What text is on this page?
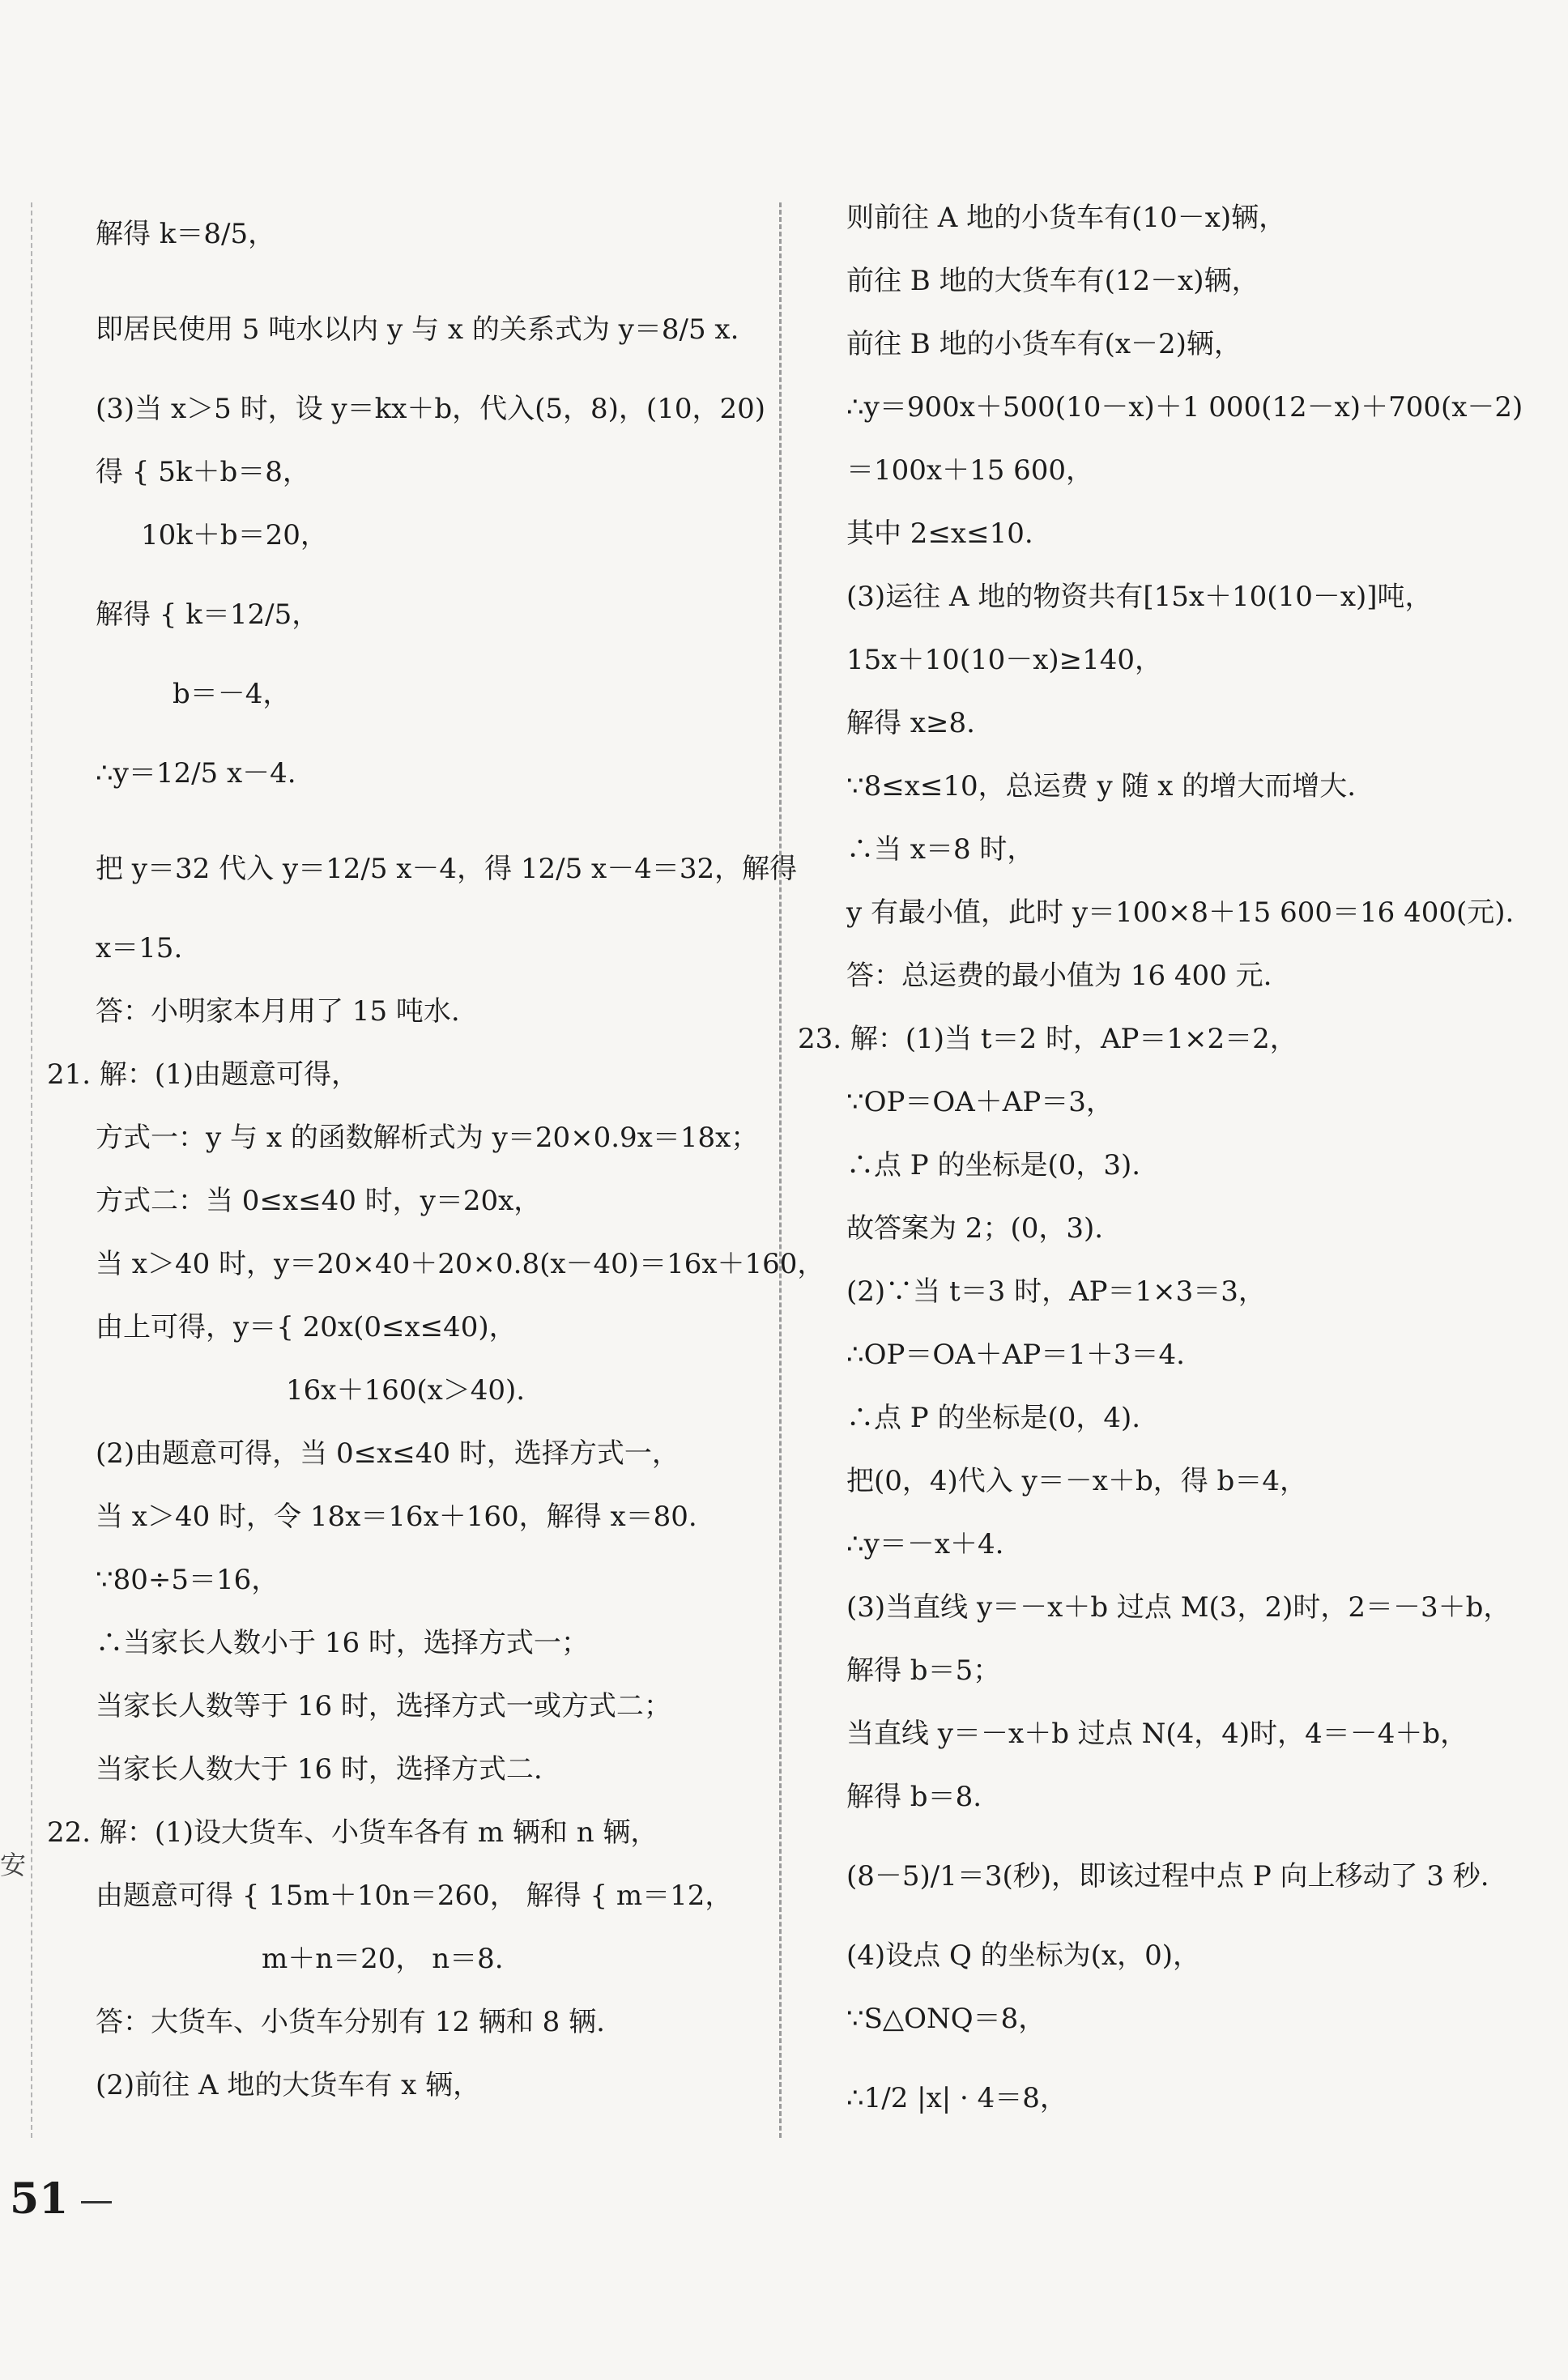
安
解得 k＝8/5，
即居民使用 5 吨水以内 y 与 x 的关系式为 y＝8/5 x.
(3)当 x＞5 时，设 y＝kx＋b，代入(5，8)，(10，20)
得 { 5k＋b＝8，
10k＋b＝20，
解得 { k＝12/5，
b＝－4，
∴y＝12/5 x－4.
把 y＝32 代入 y＝12/5 x－4，得 12/5 x－4＝32，解得
x＝15.
答：小明家本月用了 15 吨水.
21. 解：(1)由题意可得，
方式一：y 与 x 的函数解析式为 y＝20×0.9x＝18x；
方式二：当 0≤x≤40 时，y＝20x，
当 x＞40 时，y＝20×40＋20×0.8(x－40)＝16x＋160，
由上可得，y＝{ 20x(0≤x≤40)，
16x＋160(x＞40).
(2)由题意可得，当 0≤x≤40 时，选择方式一，
当 x＞40 时，令 18x＝16x＋160，解得 x＝80.
∵80÷5＝16，
∴当家长人数小于 16 时，选择方式一；
当家长人数等于 16 时，选择方式一或方式二；
当家长人数大于 16 时，选择方式二.
22. 解：(1)设大货车、小货车各有 m 辆和 n 辆，
由题意可得 { 15m＋10n＝260， 解得 { m＝12，
m＋n＝20， n＝8.
答：大货车、小货车分别有 12 辆和 8 辆.
(2)前往 A 地的大货车有 x 辆，
则前往 A 地的小货车有(10－x)辆，
前往 B 地的大货车有(12－x)辆，
前往 B 地的小货车有(x－2)辆，
∴y＝900x＋500(10－x)＋1 000(12－x)＋700(x－2)
＝100x＋15 600，
其中 2≤x≤10.
(3)运往 A 地的物资共有[15x＋10(10－x)]吨，
15x＋10(10－x)≥140，
解得 x≥8.
∵8≤x≤10，总运费 y 随 x 的增大而增大.
∴当 x＝8 时，
y 有最小值，此时 y＝100×8＋15 600＝16 400(元).
答：总运费的最小值为 16 400 元.
23. 解：(1)当 t＝2 时，AP＝1×2＝2，
∵OP＝OA＋AP＝3，
∴点 P 的坐标是(0，3).
故答案为 2；(0，3).
(2)∵当 t＝3 时，AP＝1×3＝3，
∴OP＝OA＋AP＝1＋3＝4.
∴点 P 的坐标是(0，4).
把(0，4)代入 y＝－x＋b，得 b＝4，
∴y＝－x＋4.
(3)当直线 y＝－x＋b 过点 M(3，2)时，2＝－3＋b，
解得 b＝5；
当直线 y＝－x＋b 过点 N(4，4)时，4＝－4＋b，
解得 b＝8.
(8－5)/1＝3(秒)，即该过程中点 P 向上移动了 3 秒.
(4)设点 Q 的坐标为(x，0)，
∵S△ONQ＝8，
∴1/2 |x| · 4＝8，
51
